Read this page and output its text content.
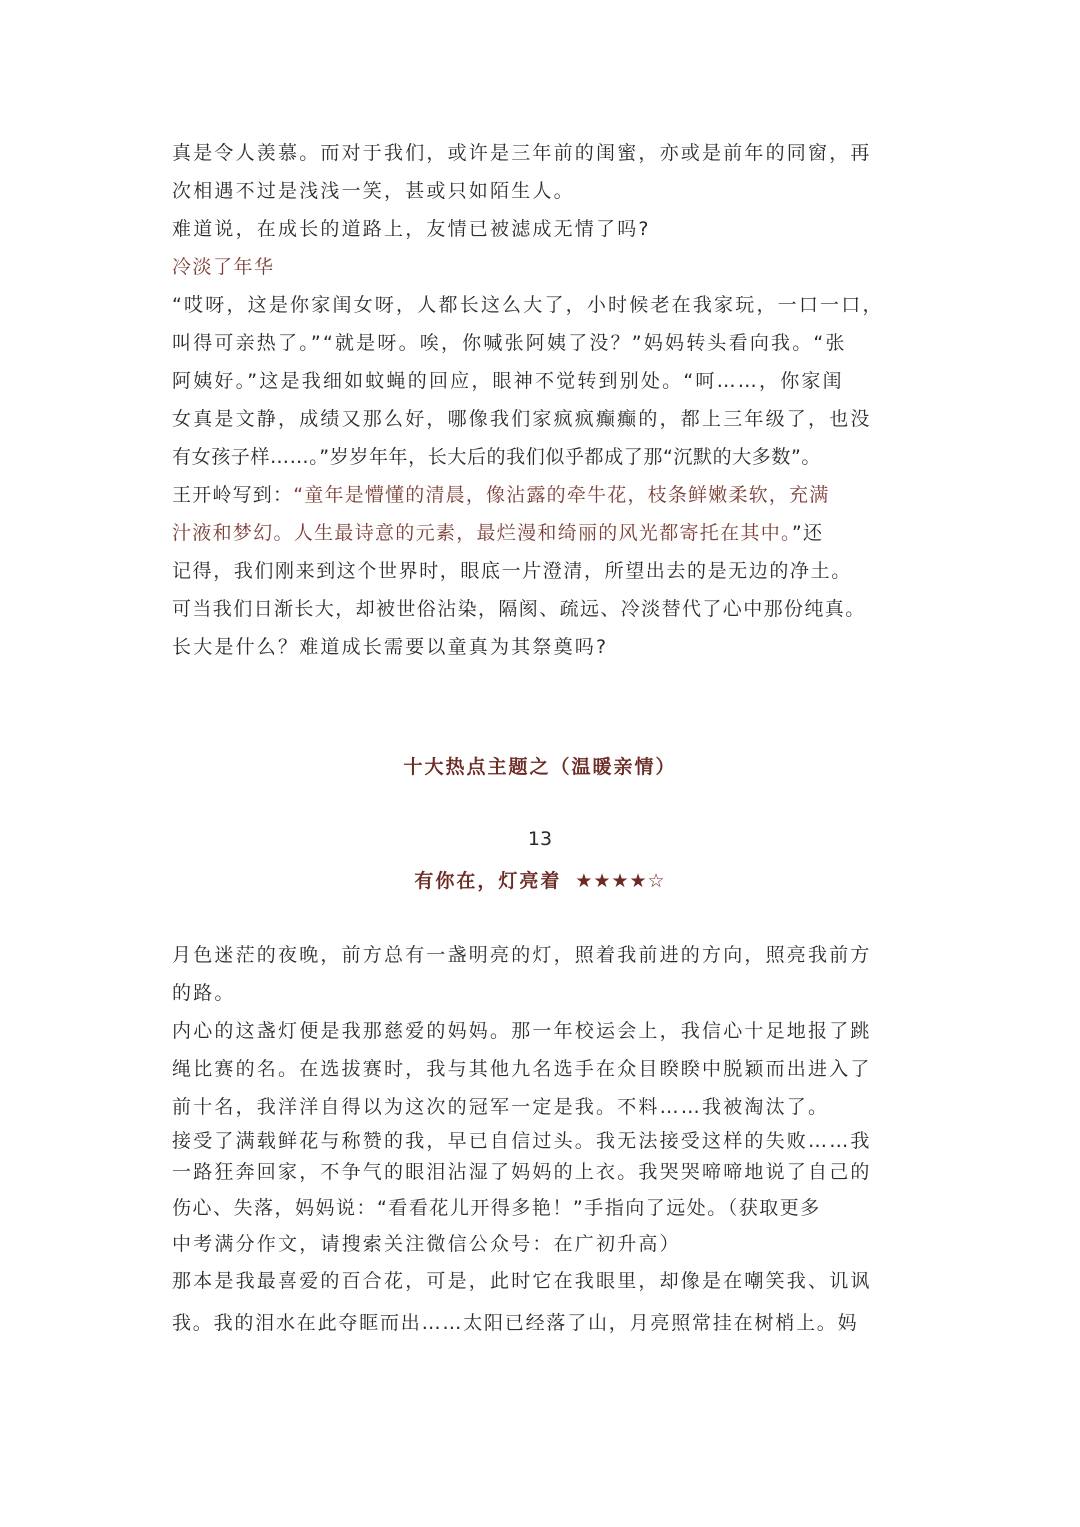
真是令人羡慕。而对于我们，或许是三年前的闺蜜，亦或是前年的同窗，再
次相遇不过是浅浅一笑，甚或只如陌生人。
难道说，在成长的道路上，友情已被滤成无情了吗?
冷淡了年华
“哎呀，这是你家闺女呀，人都长这么大了，小时候老在我家玩，一口一口，
叫得可亲热了。”“就是呀。唉，你喊张阿姨了没？”妈妈转头看向我。“张
阿姨好。”这是我细如蚊蝇的回应，眼神不觉转到别处。“呵……，你家闺
女真是文静，成绩又那么好，哪像我们家疯疯癫癫的，都上三年级了，也没
有女孩子样……。”岁岁年年，长大后的我们似乎都成了那“沉默的大多数”。
王开岭写到：“童年是懵懂的清晨，像沾露的牵牛花，枝条鲜嫩柔软，充满
汁液和梦幻。人生最诗意的元素，最烂漫和绮丽的风光都寄托在其中。”还
记得，我们刚来到这个世界时，眼底一片澄清，所望出去的是无边的净土。
可当我们日渐长大，却被世俗沾染，隔阂、疏远、冷淡替代了心中那份纯真。
长大是什么？难道成长需要以童真为其祭奠吗?
十大热点主题之（温暖亲情）
13
有你在，灯亮着 ★★★★☆
月色迷茫的夜晚，前方总有一盏明亮的灯，照着我前进的方向，照亮我前方
的路。
内心的这盏灯便是我那慈爱的妈妈。那一年校运会上，我信心十足地报了跳
绳比赛的名。在选拔赛时，我与其他九名选手在众目睽睽中脱颖而出进入了
前十名，我洋洋自得以为这次的冠军一定是我。不料……我被淘汰了。
接受了满载鲜花与称赞的我，早已自信过头。我无法接受这样的失败……我
一路狂奔回家，不争气的眼泪沾湿了妈妈的上衣。我哭哭啼啼地说了自己的
伤心、失落，妈妈说：“看看花儿开得多艳！”手指向了远处。（获取更多
中考满分作文，请搜索关注微信公众号：在广初升高）
那本是我最喜爱的百合花，可是，此时它在我眼里，却像是在嘲笑我、讥讽
我。我的泪水在此夺眶而出……太阳已经落了山，月亮照常挂在树梢上。妈
